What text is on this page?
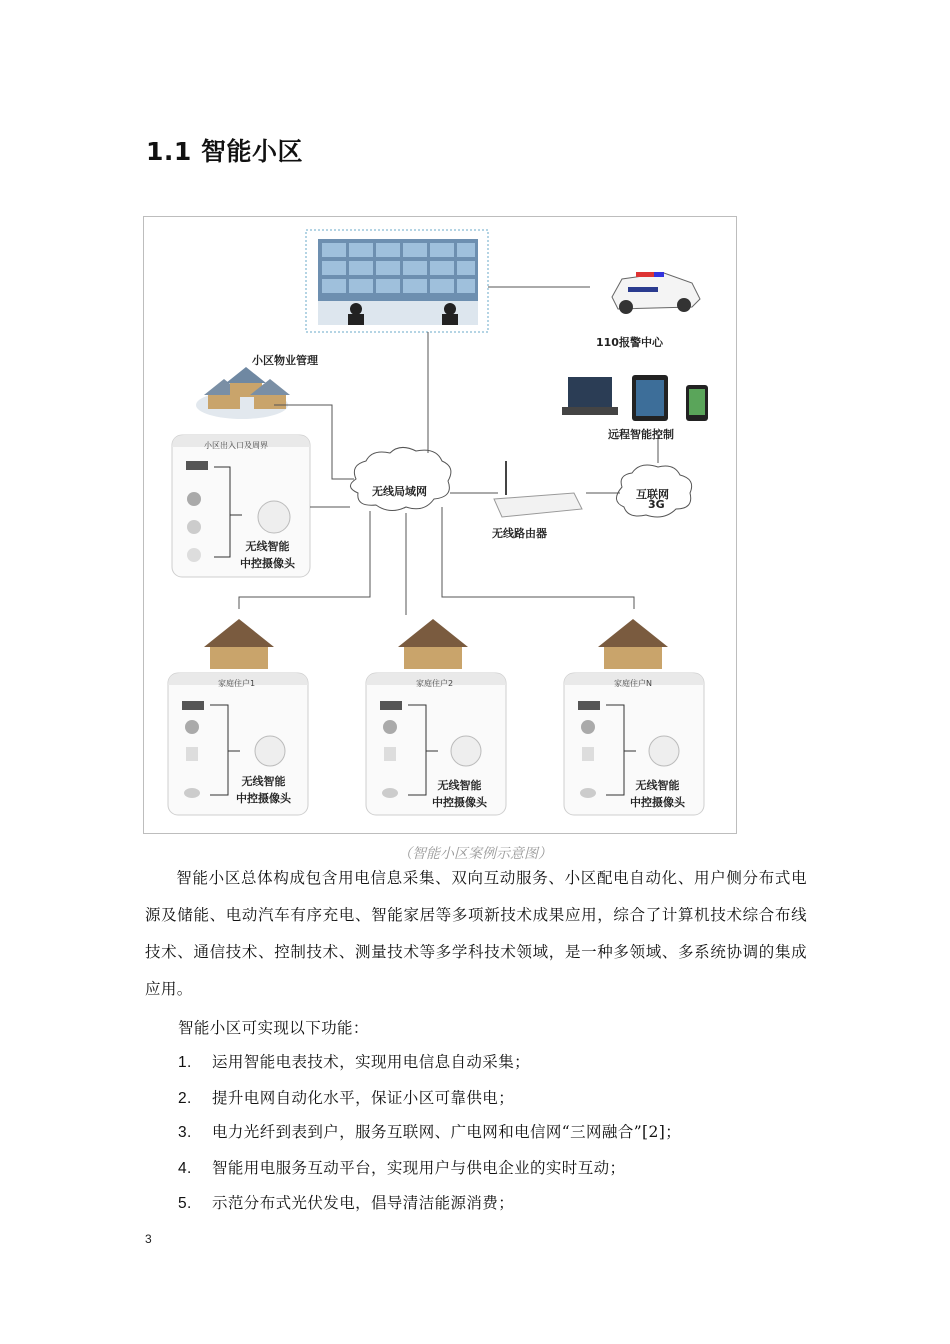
1.1 智能小区
小区物业管理
110报警中心
远程智能控制
小区出入口及周界
无线局域网
无线路由器
互联网
3G
无线智能
中控摄像头
家庭住户1	家庭住户2	家庭住户N
无线智能
中控摄像头
无线智能
中控摄像头
无线智能
中控摄像头
（智能小区案例示意图）
智能小区总体构成包含用电信息采集、双向互动服务、小区配电自动化、用户侧分布式电源及储能、电动汽车有序充电、智能家居等多项新技术成果应用，综合了计算机技术综合布线技术、通信技术、控制技术、测量技术等多学科技术领域，是一种多领域、多系统协调的集成应用。
智能小区可实现以下功能：
1. 运用智能电表技术，实现用电信息自动采集；
2. 提升电网自动化水平，保证小区可靠供电；
3. 电力光纤到表到户，服务互联网、广电网和电信网“三网融合”[2]；
4. 智能用电服务互动平台，实现用户与供电企业的实时互动；
5. 示范分布式光伏发电，倡导清洁能源消费；
3
